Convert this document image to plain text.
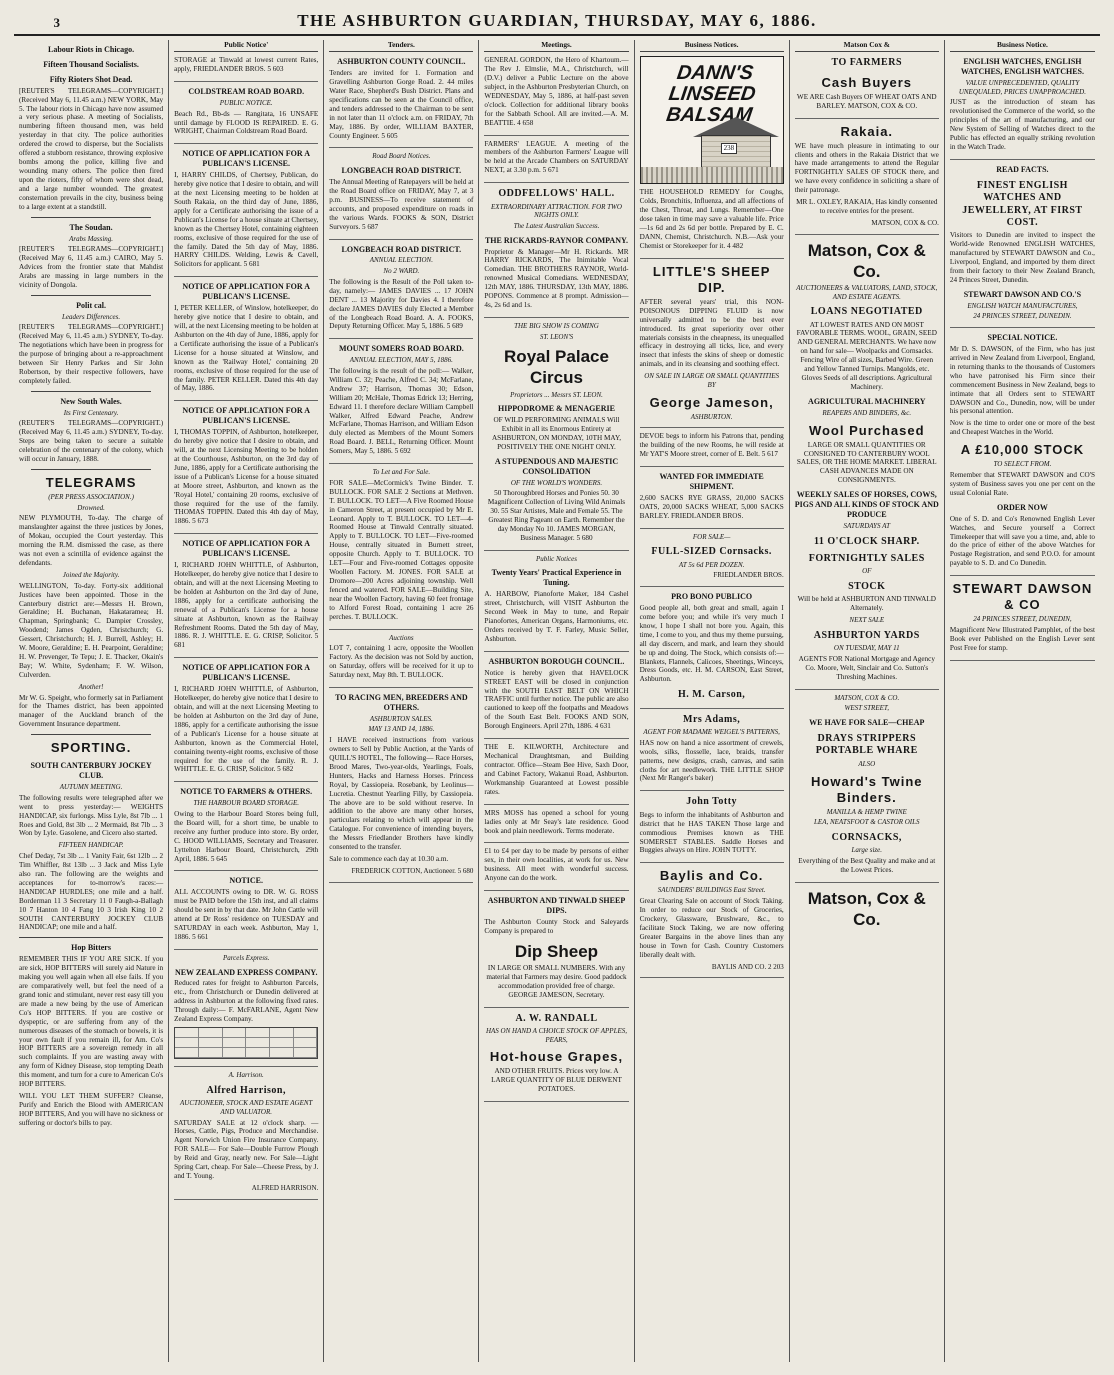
3	THE ASHBURTON GUARDIAN, THURSDAY, MAY 6, 1886.
Labour Riots in Chicago.
Fifteen Thousand Socialists.
Fifty Rioters Shot Dead.
[REUTER'S TELEGRAMS—COPYRIGHT.] (Received May 6, 11.45 a.m.) NEW YORK, May 5. The labour riots in Chicago have now assumed a very serious phase. A meeting of Socialists, numbering fifteen thousand men, was held yesterday in that city. The police authorities ordered the crowd to disperse, but the Socialists offered a stubborn resistance, throwing explosive bombs among the police, killing five and wounding many others. The police then fired upon the rioters, fifty of whom were shot dead, and a large number wounded. The greatest consternation prevails in the city, business being to a large extent at a standstill.
The Soudan.
Arabs Massing.
[REUTER'S TELEGRAMS—COPYRIGHT.] (Received May 6, 11.45 a.m.) CAIRO, May 5. Advices from the frontier state that Mahdist Arabs are massing in large numbers in the vicinity of Dongola.
Polit cal.
Leaders Differences.
[REUTER'S TELEGRAMS—COPYRIGHT.] (Received May 6, 11.45 a.m.) SYDNEY, To-day. The negotiations which have been in progress for the purpose of bringing about a re-approachment between Sir Henry Parkes and Sir John Robertson, by their respective followers, have completely failed.
New South Wales.
Its First Centenary.
(REUTER'S TELEGRAMS—COPYRIGHT.) (Received May 6, 11.45 a.m.) SYDNEY, To-day. Steps are being taken to secure a suitable celebration of the centenary of the colony, which will occur in January, 1888.
TELEGRAMS
(PER PRESS ASSOCIATION.)
Drowned.
NEW PLYMOUTH, To-day. The charge of manslaughter against the three justices by Jones, of Mokau, occupied the Court yesterday. This morning the R.M. dismissed the case, as there was not even a scintilla of evidence against the defendants.
Joined the Majority.
WELLINGTON, To-day. Forty-six additional Justices have been appointed. Those in the Canterbury district are:—Messrs H. Brown, Geraldine; H. Buchanan, Hakataramea; H. Chapman, Springbank; C. Dampier Crossley, Woodend; James Ogden, Christchurch; G. Gessert, Christchurch; H. J. Burrell, Ashley; H. W. Moore, Geraldine; E. H. Pearpoint, Geraldine; H. W. Prevenger, Te Tepu; J. E. Thacker, Okain's Bay; W. White, Sydenham; F. W. Wilson, Culverden.
Another!
Mr W. G. Speight, who formerly sat in Parliament for the Thames district, has been appointed manager of the Auckland branch of the Government Insurance department.
SPORTING.
SOUTH CANTERBURY JOCKEY CLUB.
AUTUMN MEETING.
The following results were telegraphed after we went to press yesterday:— WEIGHTS HANDICAP, six furlongs. Miss Lyle, 8st 7lb ... 1 Roes and Gold, 8st 3lb ... 2 Mermaid, 8st 7lb ... 3 Won by Lyle. Gasolene, and Cicero also started.
FIFTEEN HANDICAP.
Chef Deday, 7st 3lb ... 1 Vanity Fair, 6st 12lb ... 2 Tim Whiffler, 8st 13lb ... 3 Jack and Miss Lyle also ran. The following are the weights and acceptances for to-morrow's races:— HANDICAP HURDLES; one mile and a half. Borderman 11 3 Secretary 11 0 Faugh-a-Ballagh 10 7 Hanton 10 4 Fang 10 3 Irish King 10 2 SOUTH CANTERBURY JOCKEY CLUB HANDICAP; one mile and a half.
Hop Bitters
REMEMBER THIS IF YOU ARE SICK. If you are sick, HOP BITTERS will surely aid Nature in making you well again when all else fails. If you are comparatively well, but feel the need of a grand tonic and stimulant, never rest easy till you are made a new being by the use of American Co's HOP BITTERS. If you are costive or dyspeptic, or are suffering from any of the numerous diseases of the stomach or bowels, it is your own fault if you remain ill, for Am. Co's HOP BITTERS are a sovereign remedy in all such complaints. If you are wasting away with any form of Kidney Disease, stop tempting Death this moment, and turn for a cure to American Co's HOP BITTERS.
WILL YOU LET THEM SUFFER? Cleanse, Purify and Enrich the Blood with AMERICAN HOP BITTERS, And you will have no sickness or suffering or doctor's bills to pay.
Public Notice'
STORAGE at Tinwald at lowest current Rates, apply, FRIEDLANDER BROS. 5 603
COLDSTREAM ROAD BOARD.
PUBLIC NOTICE.
Beach Rd., Bb-ds — Rangitata, 16 UNSAFE until damage by FLOOD IS REPAIRED. E. G. WRIGHT, Chairman Coldstream Road Board.
NOTICE OF APPLICATION FOR A PUBLICAN'S LICENSE.
I, HARRY CHILDS, of Chertsey, Publican, do hereby give notice that I desire to obtain, and will at the next Licensing meeting to be holden at South Rakaia, on the third day of June, 1886, apply for a Certificate authorising the issue of a Publican's License for a house situate at Chertsey, known as the Chertsey Hotel, containing eighteen rooms, exclusive of those required for the use of the family. Dated the 5th day of May, 1886. HARRY CHILDS. Welding, Lewis & Cavell, Solicitors for applicant. 5 681
NOTICE OF APPLICATION FOR A PUBLICAN'S LICENSE.
I, PETER KELLER, of Winslow, hotelkeeper, do hereby give notice that I desire to obtain, and will, at the next Licensing meeting to be holden at Ashburton on the 4th day of June, 1886, apply for a Certificate authorising the issue of a Publican's License for a house situated at Winslow, and known as the 'Railway Hotel,' containing 20 rooms, exclusive of those required for the use of the family. PETER KELLER. Dated this 4th day of May, 1886.
NOTICE OF APPLICATION FOR A PUBLICAN'S LICENSE.
I, THOMAS TOPPIN, of Ashburton, hotelkeeper, do hereby give notice that I desire to obtain, and will, at the next Licensing Meeting to be holden at the Courthouse, Ashburton, on the 3rd day of June, 1886, apply for a Certificate authorising the issue of a Publican's License for a house situated at Moore street, Ashburton, and known as the 'Royal Hotel,' containing 20 rooms, exclusive of those required for the use of the family. THOMAS TOPPIN. Dated this 4th day of May, 1886. 5 673
NOTICE OF APPLICATION FOR A PUBLICAN'S LICENSE.
I, RICHARD JOHN WHITTLE, of Ashburton, Hotelkeeper, do hereby give notice that I desire to obtain, and will at the next Licensing Meeting to be holden at Ashburton on the 3rd day of June, 1886, apply for a certificate authorising the renewal of a Publican's License for a house situate at Ashburton, known as the Railway Refreshment Rooms. Dated the 5th day of May, 1886. R. J. WHITTLE. E. G. CRISP, Solicitor. 5 681
NOTICE OF APPLICATION FOR A PUBLICAN'S LICENSE.
I, RICHARD JOHN WHITTLE, of Ashburton, Hotelkeeper, do hereby give notice that I desire to obtain, and will at the next Licensing Meeting to be holden at Ashburton on the 3rd day of June, 1886, apply for a certificate authorising the issue of a Publican's License for a house situate at Ashburton, known as the Commercial Hotel, containing twenty-eight rooms, exclusive of those required for the use of the family. R. J. WHITTLE. E. G. CRISP, Solicitor. 5 682
NOTICE TO FARMERS & OTHERS.
THE HARBOUR BOARD STORAGE.
Owing to the Harbour Board Stores being full, the Board will, for a short time, be unable to receive any further produce into store. By order, C. HOOD WILLIAMS, Secretary and Treasurer. Lyttelton Harbour Board, Christchurch, 29th April, 1886. 5 645
NOTICE.
ALL ACCOUNTS owing to DR. W. G. ROSS must be PAID before the 15th inst, and all claims should be sent in by that date. Mr John Cattle will attend at Dr Ross' residence on TUESDAY and SATURDAY in each week. Ashburton, May 1, 1886. 5 661
Parcels Express.
NEW ZEALAND EXPRESS COMPANY.
Reduced rates for freight to Ashburton Parcels, etc., from Christchurch or Dunedin delivered at address in Ashburton at the following fixed rates. Through daily:— F. McFARLANE, Agent New Zealand Express Company.
A. Harrison.
Alfred Harrison,
AUCTIONEER, STOCK AND ESTATE AGENT AND VALUATOR.
SATURDAY SALE at 12 o'clock sharp. —Horses, Cattle, Pigs, Produce and Merchandise. Agent Norwich Union Fire Insurance Company. FOR SALE— For Sale—Double Furrow Plough by Reid and Gray, nearly new. For Sale—Light Spring Cart, cheap. For Sale—Cheese Press, by J. and T. Young.
ALFRED HARRISON.
Tenders.
ASHBURTON COUNTY COUNCIL.
Tenders are invited for 1. Formation and Gravelling Ashburton Gorge Road. 2. 44 miles Water Race, Shepherd's Bush District. Plans and specifications can be seen at the Council office, and tenders addressed to the Chairman to be sent in not later than 11 o'clock a.m. on FRIDAY, 7th May, 1886. By order, WILLIAM BAXTER, County Engineer. 5 605
Road Board Notices.
LONGBEACH ROAD DISTRICT.
The Annual Meeting of Ratepayers will be held at the Road Board office on FRIDAY, May 7, at 3 p.m. BUSINESS—To receive statement of accounts, and proposed expenditure on roads in the various Wards. FOOKS & SON, District Surveyors. 5 687
LONGBEACH ROAD DISTRICT.
ANNUAL ELECTION.
No 2 WARD.
The following is the Result of the Poll taken to-day, namely:— JAMES DAVIES ... 17 JOHN DENT ... 13 Majority for Davies 4. I therefore declare JAMES DAVIES duly Elected a Member of the Longbeach Road Board. A. A. FOOKS, Deputy Returning Officer. May 5, 1886. 5 689
MOUNT SOMERS ROAD BOARD.
ANNUAL ELECTION, MAY 5, 1886.
The following is the result of the poll:— Walker, William C. 32; Peache, Alfred C. 34; McFarlane, Andrew 37; Harrison, Thomas 30; Edson, William 20; McHale, Thomas Edrick 13; Herring, Edward 11. I therefore declare William Campbell Walker, Alfred Edward Peache, Andrew McFarlane, Thomas Harrison, and William Edson duly elected as Members of the Mount Somers Road Board. J. BELL, Returning Officer. Mount Somers, May 5, 1886. 5 692
To Let and For Sale.
FOR SALE—McCormick's Twine Binder. T. BULLOCK. FOR SALE 2 Sections at Methven. T. BULLOCK. TO LET—A Five Roomed House in Cameron Street, at present occupied by Mr E. Leonard. Apply to T. BULLOCK. TO LET—4-Roomed House at Tinwald Centrally situated. Apply to T. BULLOCK. TO LET—Five-roomed House, centrally situated in Burnett street, opposite Church. Apply to T. BULLOCK. TO LET—Four and Five-roomed Cottages opposite Woollen Factory. M. JONES. FOR SALE at Dromore—200 Acres adjoining township. Well fenced and watered. FOR SALE—Building Site, near the Woollen Factory, having 60 feet frontage to Alford Forest Road, containing 1 acre 26 perches. T. BULLOCK.
Auctions
LOT 7, containing 1 acre, opposite the Woollen Factory. As the decision was not Sold by auction, on Saturday, offers will be received for it up to Saturday next, May 8th. T. BULLOCK.
TO RACING MEN, BREEDERS AND OTHERS.
ASHBURTON SALES.
MAY 13 AND 14, 1886.
I HAVE received instructions from various owners to Sell by Public Auction, at the Yards of QUILL'S HOTEL, The following— Race Horses, Brood Mares, Two-year-olds, Yearlings, Foals, Hunters, Hacks and Harness Horses. Princess Royal, by Cassiopeia. Rosebank, by Leolinus—Lucretia. Chestnut Yearling Filly, by Cassiopeia. The above are to be sold without reserve. In addition to the above are many other horses, particulars relating to which will appear in the Catalogue. For convenience of intending buyers, the Messrs Friedlander Brothers have kindly consented to the transfer.
Sale to commence each day at 10.30 a.m.
FREDERICK COTTON, Auctioneer. 5 680
Meetings.
GENERAL GORDON, the Hero of Khartoum.—The Rev J. Elmslie, M.A., Christchurch, will (D.V.) deliver a Public Lecture on the above subject, in the Ashburton Presbyterian Church, on WEDNESDAY, May 5, 1886, at half-past seven o'clock. Collection for additional library books for the Sabbath School. All are invited.—A. M. BEATTIE. 4 658
FARMERS' LEAGUE. A meeting of the members of the Ashburton Farmers' League will be held at the Arcade Chambers on SATURDAY NEXT, at 3.30 p.m. 5 671
ODDFELLOWS' HALL.
EXTRAORDINARY ATTRACTION. FOR TWO NIGHTS ONLY.
The Latest Australian Success.
THE RICKARDS-RAYNOR COMPANY.
Proprietor & Manager—Mr H. Rickards. MR HARRY RICKARDS, The Inimitable Vocal Comedian. THE BROTHERS RAYNOR, World-renowned Musical Comedians. WEDNESDAY, 12th MAY, 1886. THURSDAY, 13th MAY, 1886. POPONS. Commence at 8 prompt. Admission—4s, 2s 6d and 1s.
THE BIG SHOW IS COMING
ST. LEON'S
Royal Palace Circus
Proprietors ... Messrs ST. LEON.
HIPPODROME & MENAGERIE
OF WILD PERFORMING ANIMALS Will Exhibit in all its Enormous Entirety at ASHBURTON, ON MONDAY, 10TH MAY, POSITIVELY THE ONE NIGHT ONLY.
A STUPENDOUS AND MAJESTIC CONSOLIDATION
OF THE WORLD'S WONDERS.
50 Thoroughbred Horses and Ponies 50. 30 Magnificent Collection of Living Wild Animals 30. 55 Star Artistes, Male and Female 55. The Greatest Ring Pageant on Earth. Remember the day Monday No 10. JAMES MORGAN, Business Manager. 5 680
Public Notices
Twenty Years' Practical Experience in Tuning.
A. HARBOW, Pianoforte Maker, 184 Cashel street, Christchurch, will VISIT Ashburton the Second Week in May to tune, and Repair Pianofortes, American Organs, Harmoniums, etc. Orders received by T. F. Farley, Music Seller, Ashburton.
ASHBURTON BOROUGH COUNCIL.
Notice is hereby given that HAVELOCK STREET EAST will be closed in conjunction with the SOUTH EAST BELT ON WHICH TRAFFIC until further notice. The public are also cautioned to keep off the footpaths and Meadows of the South East Belt. FOOKS AND SON, Borough Engineers. April 27th, 1886. 4 631
THE E. KILWORTH, Architecture and Mechanical Draughtsman, and Building contractor. Office—Steam Bee Hive, Saxh Door, and Cabinet Factory, Wakanui Road, Ashburton. Workmanship Guaranteed at Lowest possible rates.
MRS MOSS has opened a school for young ladies only at Mr Seay's late residence. Good book and plain needlework. Terms moderate.
£1 to £4 per day to be made by persons of either sex, in their own localities, at work for us. New business. All meet with wonderful success. Anyone can do the work.
ASHBURTON AND TINWALD SHEEP DIPS.
The Ashburton County Stock and Saleyards Company is prepared to
Dip Sheep
IN LARGE OR SMALL NUMBERS. With any material that Farmers may desire. Good paddock accommodation provided free of charge. GEORGE JAMESON, Secretary.
A. W. RANDALL
HAS ON HAND A CHOICE STOCK OF APPLES, PEARS,
Hot-house Grapes,
AND OTHER FRUITS. Prices very low. A LARGE QUANTITY OF BLUE DERWENT POTATOES.
Business Notices.
DANN'S LINSEED BALSAM
238
THE HOUSEHOLD REMEDY for Coughs, Colds, Bronchitis, Influenza, and all affections of the Chest, Throat, and Lungs. Remember—One dose taken in time may save a valuable life. Price—1s 6d and 2s 6d per bottle. Prepared by E. C. DANN, Chemist, Christchurch. N.B.—Ask your Chemist or Storekeeper for it. 4 482
LITTLE'S SHEEP DIP.
AFTER several years' trial, this NON-POISONOUS DIPPING FLUID is now universally admitted to be the best ever introduced. Its great superiority over other materials consists in the cheapness, its unequalled efficacy in destroying all ticks, lice, and every insect that infests the skins of sheep or domestic animals, and in its cleansing and soothing effect.
ON SALE IN LARGE OR SMALL QUANTITIES BY
George Jameson,
ASHBURTON.
DEVOE begs to inform his Patrons that, pending the building of the new Rooms, he will reside at Mr YAT'S Moore street, corner of E. Belt. 5 617
WANTED FOR IMMEDIATE SHIPMENT.
2,600 SACKS RYE GRASS, 20,000 SACKS OATS, 20,000 SACKS WHEAT, 5,000 SACKS BARLEY. FRIEDLANDER BROS.
FOR SALE—
FULL-SIZED Cornsacks.
AT 5s 6d PER DOZEN.
FRIEDLANDER BROS.
PRO BONO PUBLICO
Good people all, both great and small, again I come before you; and while it's very much I know, I hope I shall not bore you. Again, this time, I come to you, and thus my theme pursuing, all day discern, and mark, and learn they should be up and doing. The Stock, which consists of:— Blankets, Flannels, Calicoes, Sheetings, Winceys, Dress Goods, etc. H. M. CARSON, East Street, Ashburton.
H. M. Carson,
Mrs Adams,
AGENT FOR MADAME WEIGEL'S PATTERNS,
HAS now on hand a nice assortment of crewels, wools, silks, flosselle, lace, braids, transfer patterns, new designs, crash, canvas, and satin cloths for art needlework. THE LITTLE SHOP (Next Mr Ranger's baker)
John Totty
Begs to inform the inhabitants of Ashburton and district that he HAS TAKEN Those large and commodious Premises known as THE SOMERSET STABLES. Saddle Horses and Buggies always on Hire. JOHN TOTTY.
Baylis and Co.
SAUNDERS' BUILDINGS East Street.
Great Clearing Sale on account of Stock Taking. In order to reduce our Stock of Groceries, Crockery, Glassware, Brushware, &c., to facilitate Stock Taking, we are now offering Greater Bargains in the above lines than any house in Town for Cash. Country Customers liberally dealt with.
BAYLIS AND CO. 2 203
Matson Cox &
TO FARMERS
Cash Buyers
WE ARE Cash Buyers OF WHEAT OATS AND BARLEY. MATSON, COX & CO.
Rakaia.
WE have much pleasure in intimating to our clients and others in the Rakaia District that we have made arrangements to attend the Regular FORTNIGHTLY SALES OF STOCK there, and we have every confidence in soliciting a share of their patronage.
MR L. OXLEY, RAKAIA, Has kindly consented to receive entries for the present.
MATSON, COX & CO.
Matson, Cox & Co.
AUCTIONEERS & VALUATORS, LAND, STOCK, AND ESTATE AGENTS.
LOANS NEGOTIATED
AT LOWEST RATES AND ON MOST FAVORABLE TERMS. WOOL, GRAIN, SEED AND GENERAL MERCHANTS. We have now on hand for sale— Woolpacks and Cornsacks. Fencing Wire of all sizes, Barbed Wire. Green and Yellow Tanned Turnips. Mangolds, etc. Gloves Seeds of all descriptions. Agricultural Machinery.
AGRICULTURAL MACHINERY
REAPERS AND BINDERS, &c.
Wool Purchased
LARGE OR SMALL QUANTITIES OR CONSIGNED TO CANTERBURY WOOL SALES, OR THE HOME MARKET. LIBERAL CASH ADVANCES MADE ON CONSIGNMENTS.
WEEKLY SALES OF HORSES, COWS, PIGS AND ALL KINDS OF STOCK AND PRODUCE
SATURDAYS AT
11 O'CLOCK SHARP.
FORTNIGHTLY SALES
OF
STOCK
Will be held at ASHBURTON AND TINWALD Alternately.
NEXT SALE
ASHBURTON YARDS
ON TUESDAY, MAY 11
AGENTS FOR National Mortgage and Agency Co. Moore, Welt, Sinclair and Co. Sutton's Threshing Machines.
MATSON, COX & CO.
WEST STREET,
WE HAVE FOR SALE—CHEAP
DRAYS STRIPPERS PORTABLE WHARE
ALSO
Howard's Twine Binders.
MANILLA & HEMP TWINE
LEA, NEATSFOOT & CASTOR OILS
CORNSACKS,
Large size.
Everything of the Best Quality and make and at the Lowest Prices.
Matson, Cox & Co.
Business Notice.
ENGLISH WATCHES, ENGLISH WATCHES, ENGLISH WATCHES.
VALUE UNPRECEDENTED, QUALITY UNEQUALED, PRICES UNAPPROACHED.
JUST as the introduction of steam has revolutionised the Commerce of the world, so the principles of the art of manufacturing, and our New System of Selling of Watches direct to the Public has effected an equally striking revolution in the Watch Trade.
READ FACTS.
FINEST ENGLISH WATCHES AND JEWELLERY, AT FIRST COST.
Visitors to Dunedin are invited to inspect the World-wide Renowned ENGLISH WATCHES, manufactured by STEWART DAWSON and Co., Liverpool, England, and imported by them direct from their factory to their New Zealand Branch, 24 Princes Street, Dunedin.
STEWART DAWSON AND CO.'S
ENGLISH WATCH MANUFACTURES,
24 PRINCES STREET, DUNEDIN.
SPECIAL NOTICE.
Mr D. S. DAWSON, of the Firm, who has just arrived in New Zealand from Liverpool, England, in returning thanks to the thousands of Customers who have patronised his Firm since their commencement Business in New Zealand, begs to intimate that all Orders sent to STEWART DAWSON and Co., Dunedin, now, will be under his personal attention.
Now is the time to order one or more of the best and Cheapest Watches in the World.
A £10,000 STOCK
TO SELECT FROM.
Remember that STEWART DAWSON and CO'S system of Business saves you one per cent on the usual Colonial Rate.
ORDER NOW
One of S. D. and Co's Renowned English Lever Watches, and Secure yourself a Correct Timekeeper that will save you a time, and, able to do the price of either of the above Watches for Postage Registration, and send P.O.O. for amount payable to S. D. and Co Dunedin.
STEWART DAWSON & CO
24 PRINCES STREET, DUNEDIN,
Magnificent New Illustrated Pamphlet, of the best Book ever Published on the English Lever sent Post Free for stamp.
